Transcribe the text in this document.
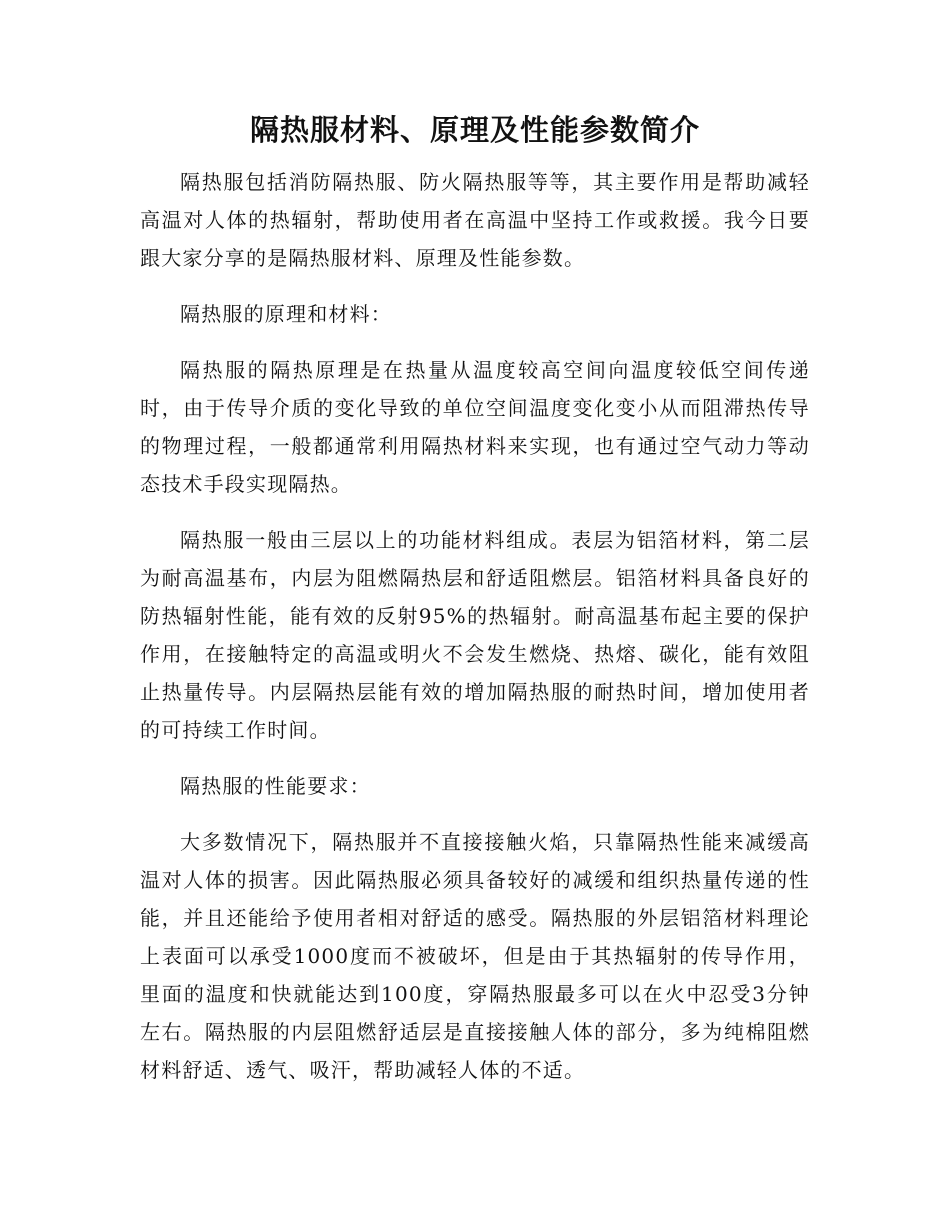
隔热服材料、原理及性能参数简介

隔热服包括消防隔热服、防火隔热服等等，其主要作用是帮助减轻高温对人体的热辐射，帮助使用者在高温中坚持工作或救援。我今日要跟大家分享的是隔热服材料、原理及性能参数。

隔热服的原理和材料：

隔热服的隔热原理是在热量从温度较高空间向温度较低空间传递时，由于传导介质的变化导致的单位空间温度变化变小从而阻滞热传导的物理过程，一般都通常利用隔热材料来实现，也有通过空气动力等动态技术手段实现隔热。

隔热服一般由三层以上的功能材料组成。表层为铝箔材料，第二层为耐高温基布，内层为阻燃隔热层和舒适阻燃层。铝箔材料具备良好的防热辐射性能，能有效的反射95%的热辐射。耐高温基布起主要的保护作用，在接触特定的高温或明火不会发生燃烧、热熔、碳化，能有效阻止热量传导。内层隔热层能有效的增加隔热服的耐热时间，增加使用者的可持续工作时间。

隔热服的性能要求：

大多数情况下，隔热服并不直接接触火焰，只靠隔热性能来减缓高温对人体的损害。因此隔热服必须具备较好的减缓和组织热量传递的性能，并且还能给予使用者相对舒适的感受。隔热服的外层铝箔材料理论上表面可以承受1000度而不被破坏，但是由于其热辐射的传导作用，里面的温度和快就能达到100度，穿隔热服最多可以在火中忍受3分钟左右。隔热服的内层阻燃舒适层是直接接触人体的部分，多为纯棉阻燃材料舒适、透气、吸汗，帮助减轻人体的不适。
